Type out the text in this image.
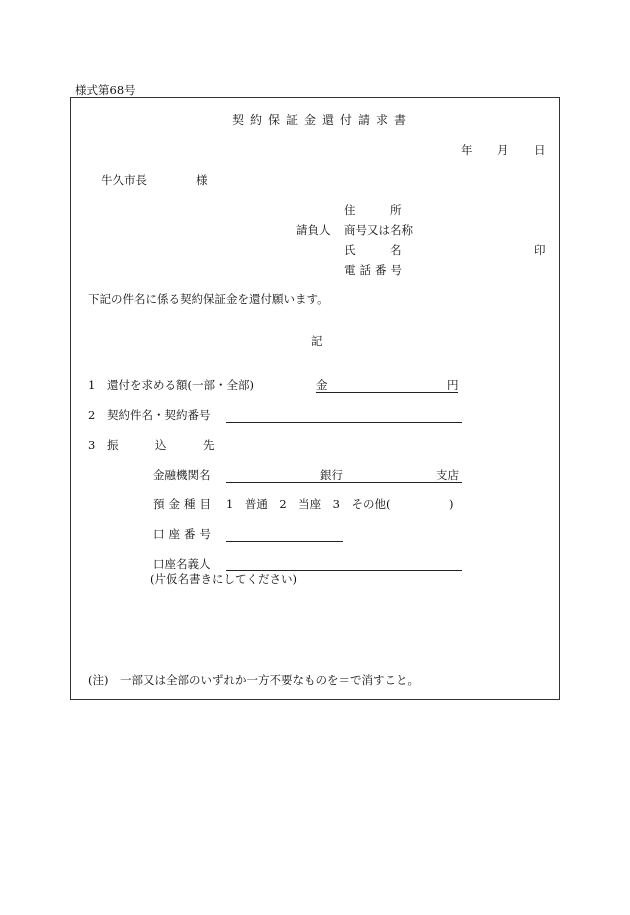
様式第68号
契約保証金還付請求書
年 月 日
牛久市長	様
住　　　所
請負人 商号又は名称
氏　　　名	印
電話番号
下記の件名に係る契約保証金を還付願います。
記
1 還付を求める額(一部・全部)	金	円
2 契約件名・契約番号
3 振	込	先
金融機関名	銀行	支店
預金種目 1　普通　2　当座　3　その他(	)
口座番号
口座名義人
(片仮名書きにしてください)
(注)　一部又は全部のいずれか一方不要なものを＝で消すこと。
